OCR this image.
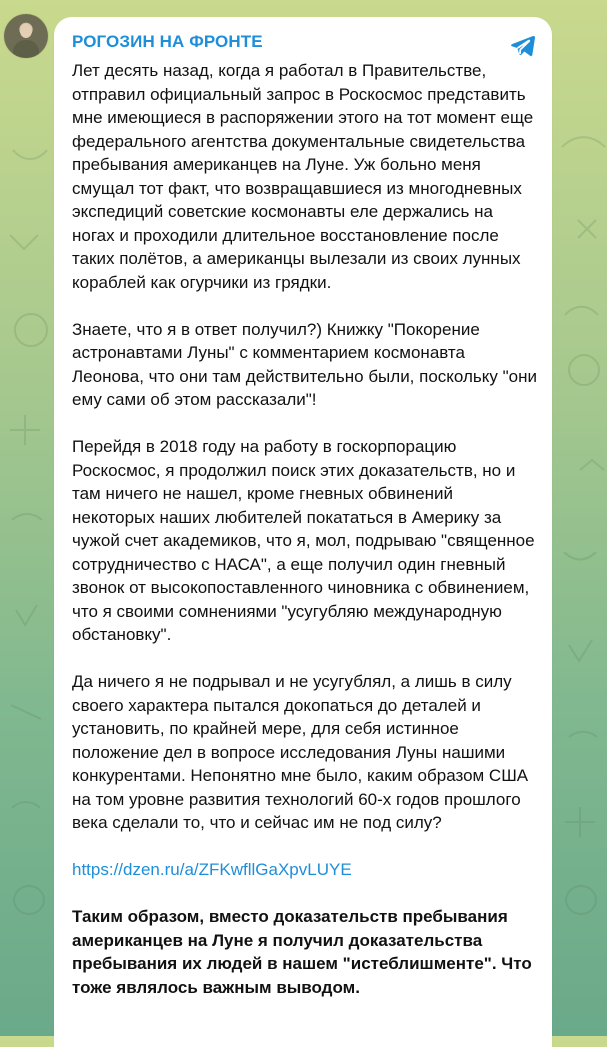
РОГОЗИН НА ФРОНТЕ

Лет десять назад, когда я работал в Правительстве, отправил официальный запрос в Роскосмос представить мне имеющиеся в распоряжении этого на тот момент еще федерального агентства документальные свидетельства пребывания американцев на Луне. Уж больно меня смущал тот факт, что возвращавшиеся из многодневных экспедиций советские космонавты еле держались на ногах и проходили длительное восстановление после таких полётов, а американцы вылезали из своих лунных кораблей как огурчики из грядки.

Знаете, что я в ответ получил?) Книжку "Покорение астронавтами Луны" с комментарием космонавта Леонова, что они там действительно были, поскольку "они ему сами об этом рассказали"!

Перейдя в 2018 году на работу в госкорпорацию Роскосмос, я продолжил поиск этих доказательств, но и там ничего не нашел, кроме гневных обвинений некоторых наших любителей покататься в Америку за чужой счет академиков, что я, мол, подрываю "священное сотрудничество с НАСА", а еще получил один гневный звонок от высокопоставленного чиновника с обвинением, что я своими сомнениями "усугубляю международную обстановку".

Да ничего я не подрывал и не усугублял, а лишь в силу своего характера пытался докопаться до деталей и установить, по крайней мере, для себя истинное положение дел в вопросе исследования Луны нашими конкурентами. Непонятно мне было, каким образом США на том уровне развития технологий 60-х годов прошлого века сделали то, что и сейчас им не под силу?

https://dzen.ru/a/ZFKwfllGaXpvLUYE

Таким образом, вместо доказательств пребывания американцев на Луне я получил доказательства пребывания их людей в нашем "истеблишменте". Что тоже являлось важным выводом.
